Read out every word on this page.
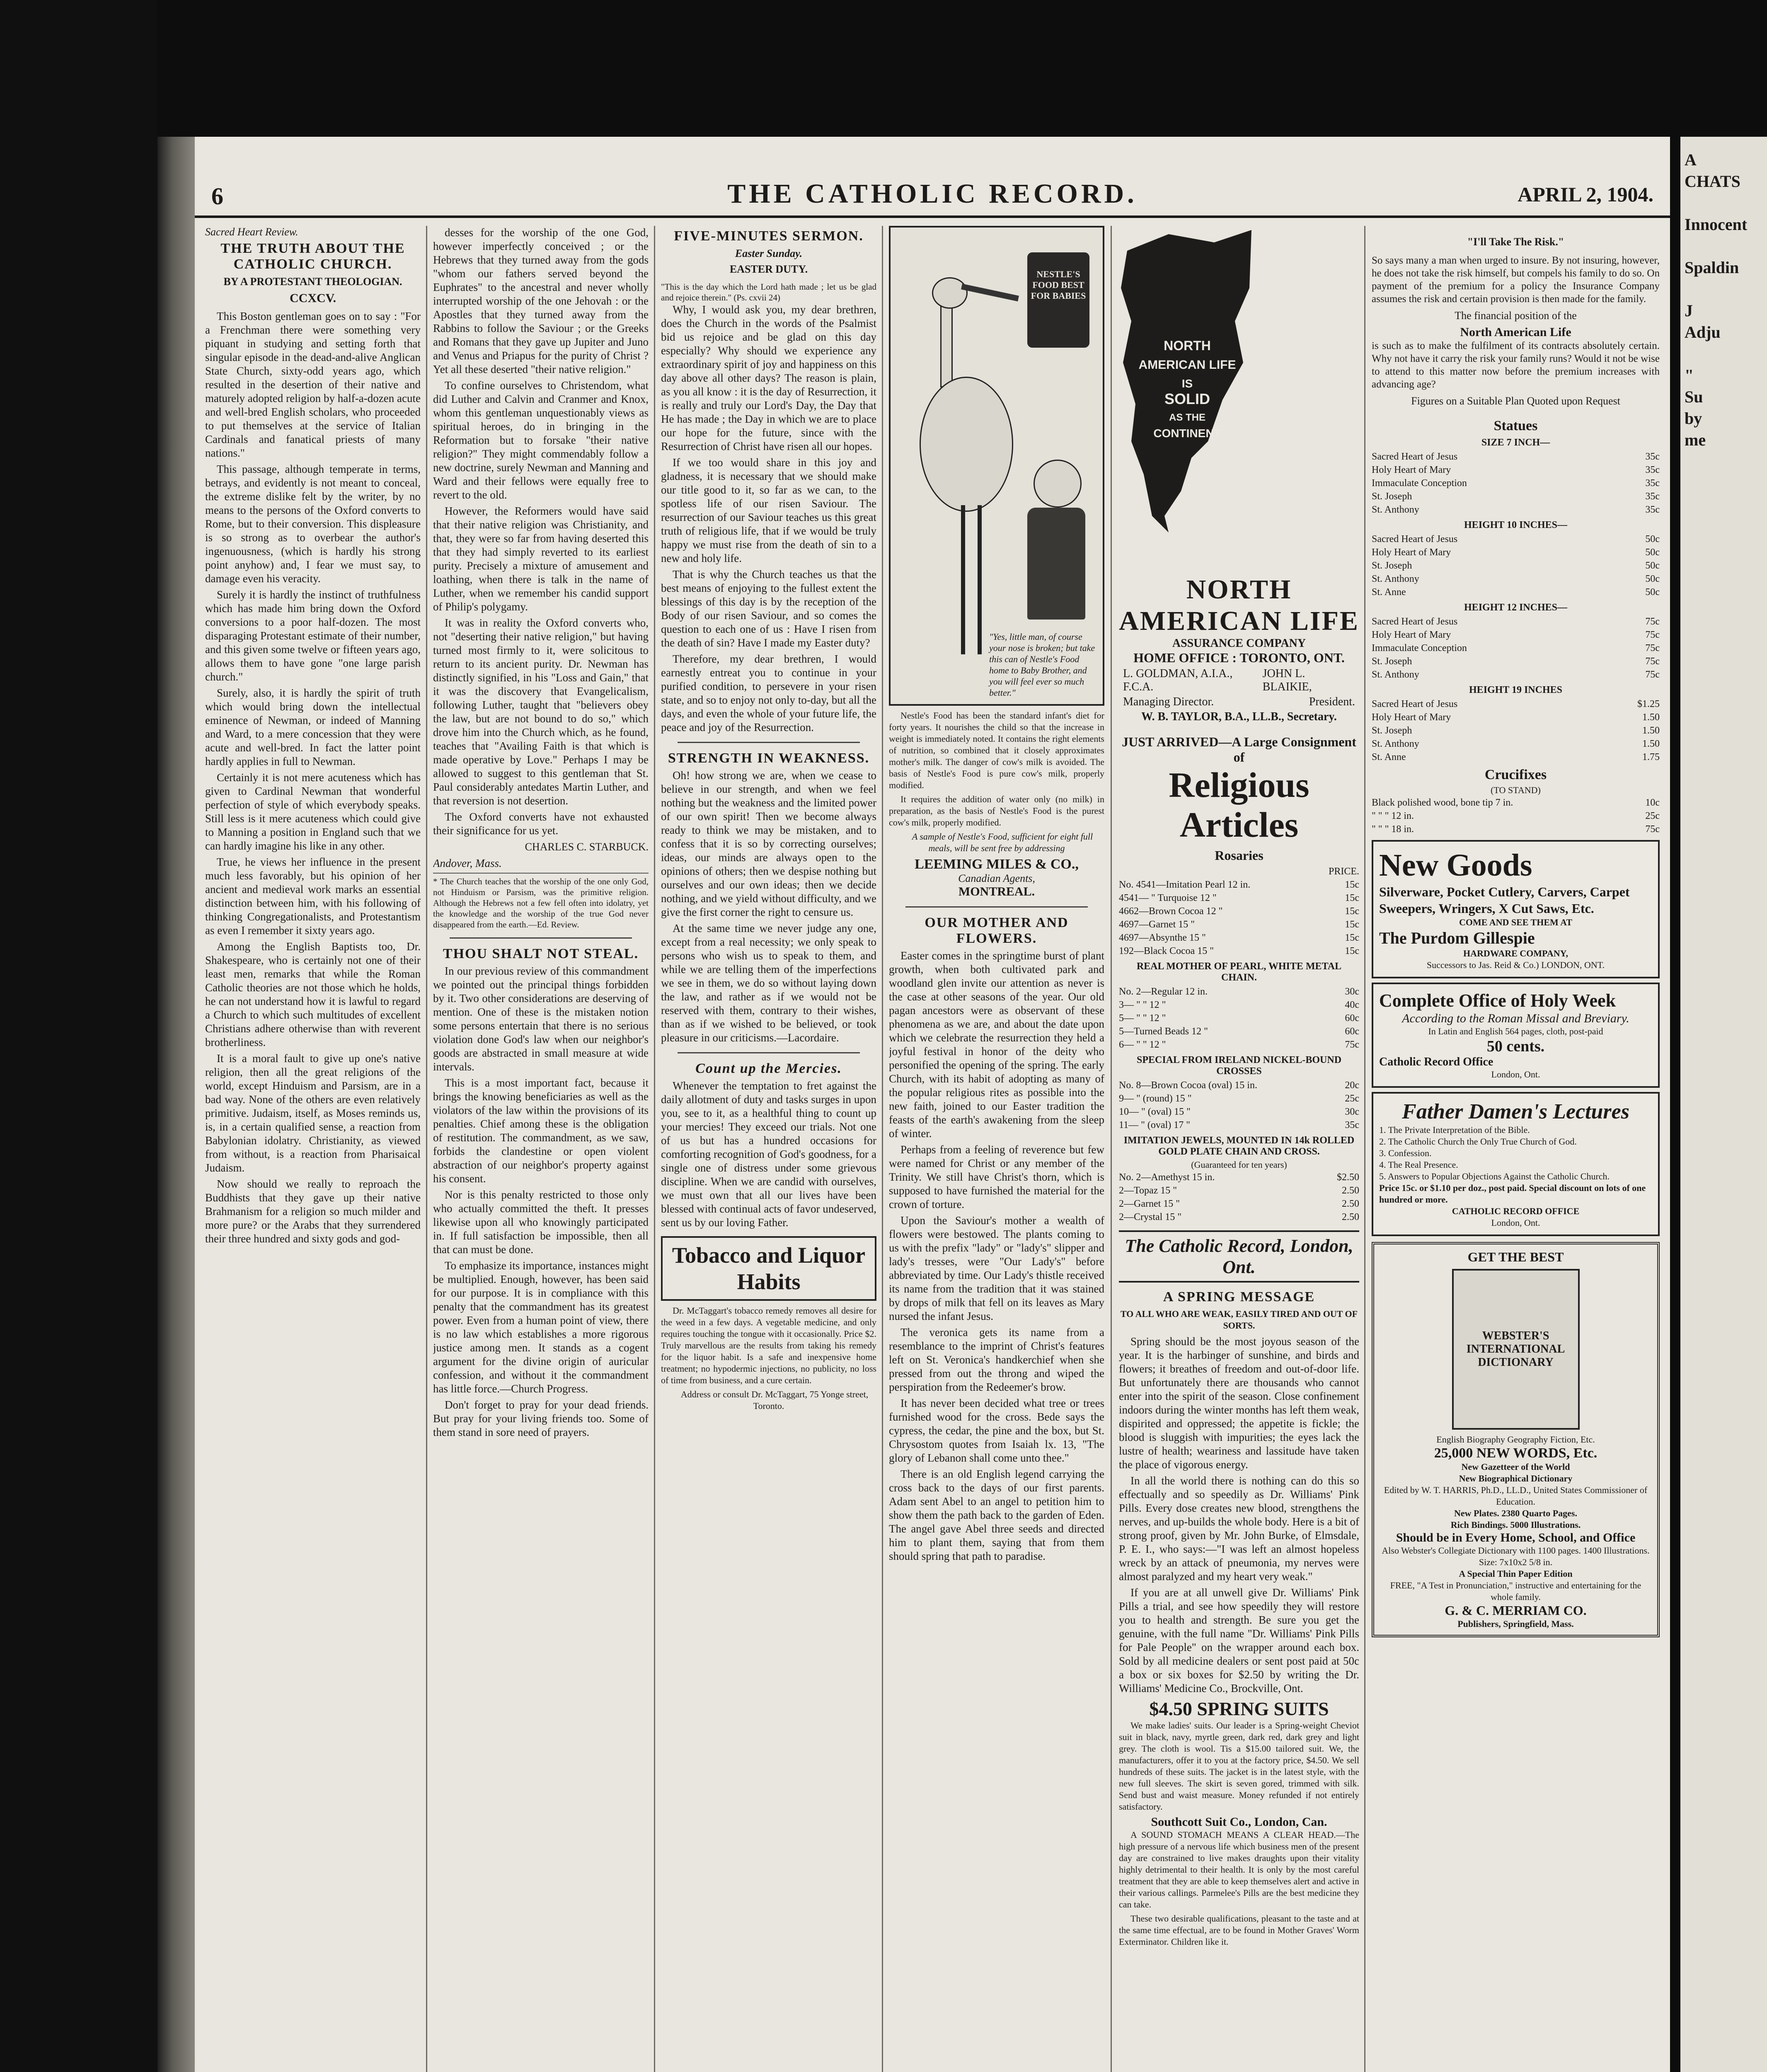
6	THE CATHOLIC RECORD.	APRIL 2, 1904.
Sacred Heart Review.
THE TRUTH ABOUT THE CATHOLIC CHURCH.
BY A PROTESTANT THEOLOGIAN.
CCXCV.

This Boston gentleman goes on to say : "For a Frenchman there were something very piquant in studying and setting forth that singular episode in the dead-and-alive Anglican State Church, sixty-odd years ago, which resulted in the desertion of their native and maturely adopted religion by half-a-dozen acute and well-bred English scholars, who proceeded to put themselves at the service of Italian Cardinals and fanatical priests of many nations."

This passage, although temperate in terms, betrays, and evidently is not meant to conceal, the extreme dislike felt by the writer, by no means to the persons of the Oxford converts to Rome, but to their conversion. This displeasure is so strong as to overbear the author's ingenuousness, (which is hardly his strong point anyhow) and, I fear we must say, to damage even his veracity.

Surely it is hardly the instinct of truthfulness which has made him bring down the Oxford conversions to a poor half-dozen. The most disparaging Protestant estimate of their number, and this given some twelve or fifteen years ago, allows them to have gone "one large parish church."

Surely, also, it is hardly the spirit of truth which would bring down the intellectual eminence of Newman, or indeed of Manning and Ward, to a mere concession that they were acute and well-bred. In fact the latter point hardly applies in full to Newman.

Certainly it is not mere acuteness which has given to Cardinal Newman that wonderful perfection of style of which everybody speaks. Still less is it mere acuteness which could give to Manning a position in England such that we can hardly imagine his like in any other.

True, he views her influence in the present much less favorably, but his opinion of her ancient and medieval work marks an essential distinction between him, with his following of thinking Congregationalists, and Protestantism as even I remember it sixty years ago.

Among the English Baptists too, Dr. Shakespeare, who is certainly not one of their least men, remarks that while the Roman Catholic theories are not those which he holds, he can not understand how it is lawful to regard a Church to which such multitudes of excellent Christians adhere otherwise than with reverent brotherliness.

It is a moral fault to give up one's native religion, then all the great religions of the world, except Hinduism and Parsism, are in a bad way. None of the others are even relatively primitive. Judaism, itself, as Moses reminds us, is, in a certain qualified sense, a reaction from Babylonian idolatry. Christianity, as viewed from without, is a reaction from Pharisaical Judaism.

Now should we really to reproach the Buddhists that they gave up their native Brahmanism for a religion so much milder and more pure? or the Arabs that they surrendered their three hundred and sixty gods and god-

desses for the worship of the one God, however imperfectly conceived ; or the Hebrews that they turned away from the gods "whom our fathers served beyond the Euphrates" to the ancestral and never wholly interrupted worship of the one Jehovah : or the Apostles that they turned away from the Rabbins to follow the Saviour ; or the Greeks and Romans that they gave up Jupiter and Juno and Venus and Priapus for the purity of Christ ? Yet all these deserted "their native religion."

To confine ourselves to Christendom, what did Luther and Calvin and Cranmer and Knox, whom this gentleman unquestionably views as spiritual heroes, do in bringing in the Reformation but to forsake "their native religion?" They might commendably follow a new doctrine, surely Newman and Manning and Ward and their fellows were equally free to revert to the old.

However, the Reformers would have said that their native religion was Christianity, and that, they were so far from having deserted this that they had simply reverted to its earliest purity. Precisely a mixture of amusement and loathing, when there is talk in the name of Luther, when we remember his candid support of Philip's polygamy.

It was in reality the Oxford converts who, not "deserting their native religion," but having turned most firmly to it, were solicitous to return to its ancient purity. Dr. Newman has distinctly signified, in his "Loss and Gain," that it was the discovery that Evangelicalism, following Luther, taught that "believers obey the law, but are not bound to do so," which drove him into the Church which, as he found, teaches that "Availing Faith is that which is made operative by Love." Perhaps I may be allowed to suggest to this gentleman that St. Paul considerably antedates Martin Luther, and that reversion is not desertion.

The Oxford converts have not exhausted their significance for us yet.

CHARLES C. STARBUCK.
Andover, Mass.
* The Church teaches that the worship of the one only God, not Hinduism or Parsism, was the primitive religion. Although the Hebrews not a few fell often into idolatry, yet the knowledge and the worship of the true God never disappeared from the earth.—Ed. Review.
THOU SHALT NOT STEAL.

In our previous review of this commandment we pointed out the principal things forbidden by it. Two other considerations are deserving of mention. One of these is the mistaken notion some persons entertain that there is no serious violation done God's law when our neighbor's goods are abstracted in small measure at wide intervals.

This is a most important fact, because it brings the knowing beneficiaries as well as the violators of the law within the provisions of its penalties. Chief among these is the obligation of restitution. The commandment, as we saw, forbids the clandestine or open violent abstraction of our neighbor's property against his consent.

Nor is this penalty restricted to those only who actually committed the theft. It presses likewise upon all who knowingly participated in. If full satisfaction be impossible, then all that can must be done.

To emphasize its importance, instances might be multiplied. Enough, however, has been said for our purpose. It is in compliance with this penalty that the commandment has its greatest power. Even from a human point of view, there is no law which establishes a more rigorous justice among men. It stands as a cogent argument for the divine origin of auricular confession, and without it the commandment has little force.—Church Progress.

Don't forget to pray for your dead friends. But pray for your living friends too. Some of them stand in sore need of prayers.

FIVE-MINUTES SERMON.
Easter Sunday.
EASTER DUTY.
"This is the day which the Lord hath made ; let us be glad and rejoice therein." (Ps. cxvii 24)

Why, I would ask you, my dear brethren, does the Church in the words of the Psalmist bid us rejoice and be glad on this day especially? Why should we experience any extraordinary spirit of joy and happiness on this day above all other days? The reason is plain, as you all know : it is the day of Resurrection, it is really and truly our Lord's Day, the Day that He has made ; the Day in which we are to place our hope for the future, since with the Resurrection of Christ have risen all our hopes.

If we too would share in this joy and gladness, it is necessary that we should make our title good to it, so far as we can, to the spotless life of our risen Saviour. The resurrection of our Saviour teaches us this great truth of religious life, that if we would be truly happy we must rise from the death of sin to a new and holy life.

That is why the Church teaches us that the best means of enjoying to the fullest extent the blessings of this day is by the reception of the Body of our risen Saviour, and so comes the question to each one of us : Have I risen from the death of sin? Have I made my Easter duty?

Therefore, my dear brethren, I would earnestly entreat you to continue in your purified condition, to persevere in your risen state, and so to enjoy not only to-day, but all the days, and even the whole of your future life, the peace and joy of the Resurrection.

STRENGTH IN WEAKNESS.

Oh! how strong we are, when we cease to believe in our strength, and when we feel nothing but the weakness and the limited power of our own spirit! Then we become always ready to think we may be mistaken, and to confess that it is so by correcting ourselves; ideas, our minds are always open to the opinions of others; then we despise nothing but ourselves and our own ideas; then we decide nothing, and we yield without difficulty, and we give the first corner the right to censure us.

At the same time we never judge any one, except from a real necessity; we only speak to persons who wish us to speak to them, and while we are telling them of the imperfections we see in them, we do so without laying down the law, and rather as if we would not be reserved with them, contrary to their wishes, than as if we wished to be believed, or took pleasure in our criticisms.—Lacordaire.

Count up the Mercies.

Whenever the temptation to fret against the daily allotment of duty and tasks surges in upon you, see to it, as a healthful thing to count up your mercies! They exceed our trials. Not one of us but has a hundred occasions for comforting recognition of God's goodness, for a single one of distress under some grievous discipline. When we are candid with ourselves, we must own that all our lives have been blessed with continual acts of favor undeserved, sent us by our loving Father.

Tobacco and Liquor Habits

Dr. McTaggart's tobacco remedy removes all desire for the weed in a few days. A vegetable medicine, and only requires touching the tongue with it occasionally. Price $2. Truly marvellous are the results from taking his remedy for the liquor habit. Is a safe and inexpensive home treatment; no hypodermic injections, no publicity, no loss of time from business, and a cure certain.

Address or consult Dr. McTaggart, 75 Yonge street, Toronto.

NESTLE'S FOOD BEST FOR BABIES
"Yes, little man, of course your nose is broken; but take this can of Nestle's Food home to Baby Brother, and you will feel ever so much better."

Nestle's Food has been the standard infant's diet for forty years. It nourishes the child so that the increase in weight is immediately noted. It contains the right elements of nutrition, so combined that it closely approximates mother's milk. The danger of cow's milk is avoided. The basis of Nestle's Food is pure cow's milk, properly modified.

It requires the addition of water only (no milk) in preparation, as the basis of Nestle's Food is the purest cow's milk, properly modified.

A sample of Nestle's Food, sufficient for eight full meals, will be sent free by addressing

LEEMING MILES & CO.,
Canadian Agents,
MONTREAL.
OUR MOTHER AND FLOWERS.

Easter comes in the springtime burst of plant growth, when both cultivated park and woodland glen invite our attention as never is the case at other seasons of the year. Our old pagan ancestors were as observant of these phenomena as we are, and about the date upon which we celebrate the resurrection they held a joyful festival in honor of the deity who personified the opening of the spring. The early Church, with its habit of adopting as many of the popular religious rites as possible into the new faith, joined to our Easter tradition the feasts of the earth's awakening from the sleep of winter.

Perhaps from a feeling of reverence but few were named for Christ or any member of the Trinity. We still have Christ's thorn, which is supposed to have furnished the material for the crown of torture.

Upon the Saviour's mother a wealth of flowers were bestowed. The plants coming to us with the prefix "lady" or "lady's" slipper and lady's tresses, were "Our Lady's" before abbreviated by time. Our Lady's thistle received its name from the tradition that it was stained by drops of milk that fell on its leaves as Mary nursed the infant Jesus.

The veronica gets its name from a resemblance to the imprint of Christ's features left on St. Veronica's handkerchief when she pressed from out the throng and wiped the perspiration from the Redeemer's brow.

It has never been decided what tree or trees furnished wood for the cross. Bede says the cypress, the cedar, the pine and the box, but St. Chrysostom quotes from Isaiah lx. 13, "The glory of Lebanon shall come unto thee."

There is an old English legend carrying the cross back to the days of our first parents. Adam sent Abel to an angel to petition him to show them the path back to the garden of Eden. The angel gave Abel three seeds and directed him to plant them, saying that from them should spring that path to paradise.

NORTH
AMERICAN LIFE
IS
SOLID
AS THE
CONTINENT
NORTH AMERICAN LIFE
ASSURANCE COMPANY
HOME OFFICE : TORONTO, ONT.
L. GOLDMAN, A.I.A., F.C.A.
JOHN L. BLAIKIE,
Managing Director.	President.
W. B. TAYLOR, B.A., LL.B., Secretary.
JUST ARRIVED—A Large Consignment of
Religious Articles
Rosaries
PRICE.
No. 4541—Imitation Pearl 12 in.	15c
4541— " Turquoise 12 "	15c
4662—Brown Cocoa 12 "	15c
4697—Garnet 15 "	15c
4697—Absynthe 15 "	15c
192—Black Cocoa 15 "	15c
REAL MOTHER OF PEARL, WHITE METAL CHAIN.
No. 2—Regular 12 in.	30c
3— " " 12 "	40c
5— " " 12 "	60c
5—Turned Beads 12 "	60c
6— " " 12 "	75c
SPECIAL FROM IRELAND NICKEL-BOUND CROSSES
No. 8—Brown Cocoa (oval) 15 in.	20c
9— " (round) 15 "	25c
10— " (oval) 15 "	30c
11— " (oval) 17 "	35c
IMITATION JEWELS, MOUNTED IN 14k ROLLED GOLD PLATE CHAIN AND CROSS.
(Guaranteed for ten years)
No. 2—Amethyst 15 in.	$2.50
2—Topaz 15 "	2.50
2—Garnet 15 "	2.50
2—Crystal 15 "	2.50
The Catholic Record, London, Ont.
A SPRING MESSAGE
TO ALL WHO ARE WEAK, EASILY TIRED AND OUT OF SORTS.

Spring should be the most joyous season of the year. It is the harbinger of sunshine, and birds and flowers; it breathes of freedom and out-of-door life. But unfortunately there are thousands who cannot enter into the spirit of the season. Close confinement indoors during the winter months has left them weak, dispirited and oppressed; the appetite is fickle; the blood is sluggish with impurities; the eyes lack the lustre of health; weariness and lassitude have taken the place of vigorous energy.

In all the world there is nothing can do this so effectually and so speedily as Dr. Williams' Pink Pills. Every dose creates new blood, strengthens the nerves, and up-builds the whole body. Here is a bit of strong proof, given by Mr. John Burke, of Elmsdale, P. E. I., who says:—"I was left an almost hopeless wreck by an attack of pneumonia, my nerves were almost paralyzed and my heart very weak."

If you are at all unwell give Dr. Williams' Pink Pills a trial, and see how speedily they will restore you to health and strength. Be sure you get the genuine, with the full name "Dr. Williams' Pink Pills for Pale People" on the wrapper around each box. Sold by all medicine dealers or sent post paid at 50c a box or six boxes for $2.50 by writing the Dr. Williams' Medicine Co., Brockville, Ont.

$4.50 SPRING SUITS

We make ladies' suits. Our leader is a Spring-weight Cheviot suit in black, navy, myrtle green, dark red, dark grey and light grey. The cloth is wool. Tis a $15.00 tailored suit. We, the manufacturers, offer it to you at the factory price, $4.50. We sell hundreds of these suits. The jacket is in the latest style, with the new full sleeves. The skirt is seven gored, trimmed with silk. Send bust and waist measure. Money refunded if not entirely satisfactory.

Southcott Suit Co., London, Can.

A SOUND STOMACH MEANS A CLEAR HEAD.—The high pressure of a nervous life which business men of the present day are constrained to live makes draughts upon their vitality highly detrimental to their health. It is only by the most careful treatment that they are able to keep themselves alert and active in their various callings. Parmelee's Pills are the best medicine they can take.

These two desirable qualifications, pleasant to the taste and at the same time effectual, are to be found in Mother Graves' Worm Exterminator. Children like it.

"I'll Take The Risk."
So says many a man when urged to insure. By not insuring, however, he does not take the risk himself, but compels his family to do so. On payment of the premium for a policy the Insurance Company assumes the risk and certain provision is then made for the family.
The financial position of the
North American Life
is such as to make the fulfilment of its contracts absolutely certain. Why not have it carry the risk your family runs? Would it not be wise to attend to this matter now before the premium increases with advancing age?
Figures on a Suitable Plan Quoted upon Request
Statues
SIZE 7 INCH—
Sacred Heart of Jesus	35c
Holy Heart of Mary	35c
Immaculate Conception	35c
St. Joseph	35c
St. Anthony	35c
HEIGHT 10 INCHES—
Sacred Heart of Jesus	50c
Holy Heart of Mary	50c
St. Joseph	50c
St. Anthony	50c
St. Anne	50c
HEIGHT 12 INCHES—
Sacred Heart of Jesus	75c
Holy Heart of Mary	75c
Immaculate Conception	75c
St. Joseph	75c
St. Anthony	75c
HEIGHT 19 INCHES
Sacred Heart of Jesus	$1.25
Holy Heart of Mary	1.50
St. Joseph	1.50
St. Anthony	1.50
St. Anne	1.75
Crucifixes
(TO STAND)
Black polished wood, bone tip 7 in.	10c
" " " 12 in.	25c
" " " 18 in.	75c
New Goods
Silverware, Pocket Cutlery, Carvers, Carpet Sweepers, Wringers, X Cut Saws, Etc.
COME AND SEE THEM AT
The Purdom Gillespie
HARDWARE COMPANY,
Successors to Jas. Reid & Co.) LONDON, ONT.
Complete Office of Holy Week
According to the Roman Missal and Breviary.
In Latin and English 564 pages, cloth, post-paid
50 cents.
Catholic Record Office
London, Ont.
Father Damen's Lectures
1. The Private Interpretation of the Bible.
2. The Catholic Church the Only True Church of God.
3. Confession.
4. The Real Presence.
5. Answers to Popular Objections Against the Catholic Church.
Price 15c. or $1.10 per doz., post paid. Special discount on lots of one hundred or more.
CATHOLIC RECORD OFFICE
London, Ont.
GET THE BEST
WEBSTER'S INTERNATIONAL DICTIONARY
English Biography Geography Fiction, Etc.
25,000 NEW WORDS, Etc.
New Gazetteer of the World
New Biographical Dictionary
Edited by W. T. HARRIS, Ph.D., LL.D., United States Commissioner of Education.
New Plates. 2380 Quarto Pages.
Rich Bindings. 5000 Illustrations.
Should be in Every Home, School, and Office
Also Webster's Collegiate Dictionary with 1100 pages. 1400 Illustrations. Size: 7x10x2 5/8 in.
A Special Thin Paper Edition
FREE, "A Test in Pronunciation," instructive and entertaining for the whole family.
G. & C. MERRIAM CO.
Publishers, Springfield, Mass.
A
CHATS

Innocent

Spaldin

J
Adju

"
Su
by
me
